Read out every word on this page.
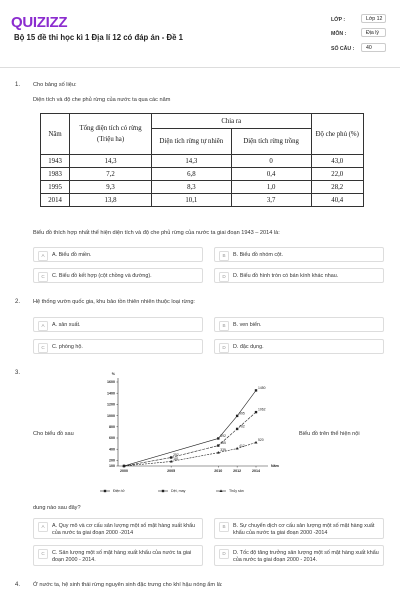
QUIZIZZ
Bộ 15 đề thi học kì 1 Địa lí 12 có đáp án - Đề 1
LỚP :	Lớp 12
MÔN :	Địa lý
SỐ CÂU :	40
1. Cho bảng số liệu:
Diện tích và độ che phủ rừng của nước ta qua các năm
Năm	Tổng diện tích có rừng (Triệu ha)	Chia ra		Độ che phủ (%)
		Diện tích rừng tự nhiên	Diện tích rừng trồng	
1943	14,3	14,3	0	43,0
1983	7,2	6,8	0,4	22,0
1995	9,3	8,3	1,0	28,2
2014	13,8	10,1	3,7	40,4
Biểu đồ thích hợp nhất thể hiện diện tích và độ che phủ rừng của nước ta giai đoạn 1943 – 2014 là:
A	A. Biểu đồ miền.	B	B. Biểu đồ nhóm cột.
C	C. Biểu đồ kết hợp (cột chồng và đường).	D	D. Biểu đồ hình tròn có bán kính khác nhau.
2. Hệ thống vườn quốc gia, khu bảo tồn thiên nhiên thuộc loại rừng:
A	A. sản xuất.	B	B. ven biển.
C	C. phòng hộ.	D	D. đặc dụng.
3.
Cho biểu đồ sau	Biểu đồ trên thể hiện nội
%
Năm
100
200
400
600
800
1000
1200
1400
1600
2000	2005	2010	2012	2014
592
995
1450
252
465
762
1062
181
339
412
520
Điện tử	Dệt, may	Thủy sản
dung nào sau đây?
A	A. Quy mô và cơ cấu sản lượng một số mặt hàng xuất khẩu của nước ta giai đoạn 2000 -2014
B	B. Sự chuyển dịch cơ cấu sản lượng một số mặt hàng xuất khẩu của nước ta giai đoạn 2000 -2014
C	C. Sản lượng một số mặt hàng xuất khẩu của nước ta giai đoạn 2000 - 2014.
D	D. Tốc độ tăng trưởng sản lượng một số mặt hàng xuất khẩu của nước ta giai đoạn 2000 - 2014.
4. Ở nước ta, hệ sinh thái rừng nguyên sinh đặc trưng cho khí hậu nóng ẩm là:
